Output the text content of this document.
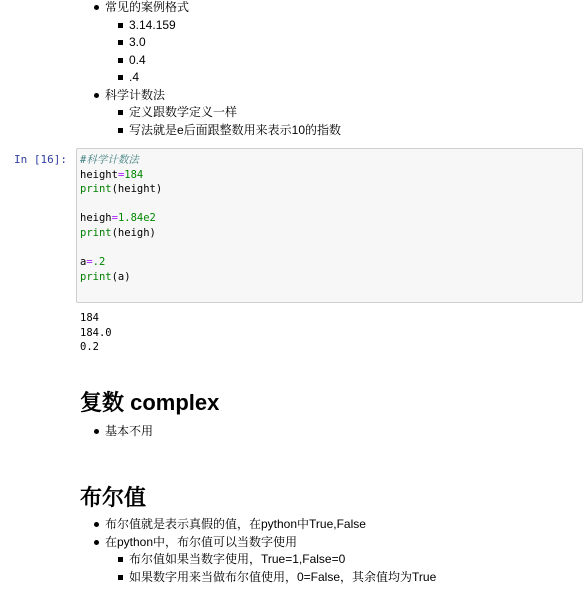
常见的案例格式
3.14.159
3.0
0.4
.4
科学计数法
定义跟数学定义一样
写法就是e后面跟整数用来表示10的指数
In [16]: #科学计数法
height=184
print(height)

heigh=1.84e2
print(heigh)

a=.2
print(a)
184
184.0
0.2
复数 complex
基本不用
布尔值
布尔值就是表示真假的值，在python中True,False
在python中，布尔值可以当数字使用
布尔值如果当数字使用，True=1,False=0
如果数字用来当做布尔值使用，0=False，其余值均为True
